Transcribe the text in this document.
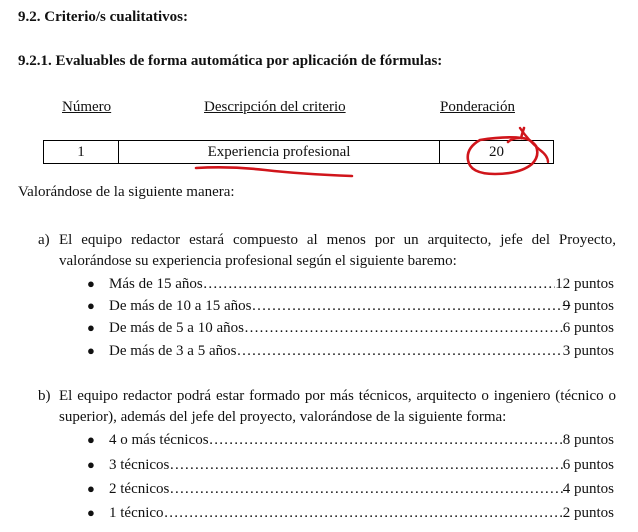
9.2. Criterio/s cualitativos:
9.2.1. Evaluables de forma automática por aplicación de fórmulas:
Número	Descripción del criterio	Ponderación
1	Experiencia profesional	20
Valorándose de la siguiente manera:
a) El equipo redactor estará compuesto al menos por un arquitecto, jefe del Proyecto, valorándose su experiencia profesional según el siguiente baremo:
● Más de 15 años …………………………………………………………………………………………………………………………………………	12 puntos
● De más de 10 a 15 años …………………………………………………………………………………………………………………………………………	9 puntos
● De más de 5 a 10 años …………………………………………………………………………………………………………………………………………	6 puntos
● De más de 3 a 5 años …………………………………………………………………………………………………………………………………………	3 puntos
b) El equipo redactor podrá estar formado por más técnicos, arquitecto o ingeniero (técnico o superior), además del jefe del proyecto, valorándose de la siguiente forma:
● 4 o más técnicos …………………………………………………………………………………………………………………………………………	8 puntos
● 3 técnicos …………………………………………………………………………………………………………………………………………	6 puntos
● 2 técnicos …………………………………………………………………………………………………………………………………………	4 puntos
● 1 técnico …………………………………………………………………………………………………………………………………………	2 puntos
